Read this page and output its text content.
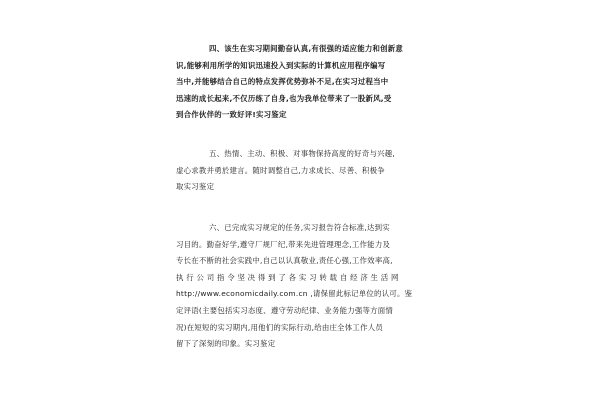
四、该生在实习期间勤奋认真,有很强的适应能力和创新意
识,能够利用所学的知识迅速投入到实际的计算机应用程序编写
当中,并能够结合自己的特点发挥优势弥补不足,在实习过程当中
迅速的成长起来,不仅历练了自身,也为我单位带来了一股新风,受
到合作伙伴的一致好评!实习鉴定
五、热情、主动、积极、对事物保持高度的好奇与兴趣,
虚心求教并勇於建言。随时调整自己,力求成长、尽善、积极争
取实习鉴定
六、已完成实习规定的任务,实习报告符合标准,达到实
习目的。勤奋好学,遵守厂规厂纪,带来先进管理理念,工作能力及
专长在不断的社会实践中,自己以认真敬业,责任心强,工作效率高,
执 行 公 司 指 令 坚 决 得 到 了 各 实 习 转 载 自 经 济 生 活 网
http://www.economicdaily.com.cn ,请保留此标记单位的认可。鉴
定评语(主要包括实习态度、遵守劳动纪律、业务能力强等方面情
况)在短短的实习期内,用他们的实际行动,给由庄全体工作人员
留下了深刻的印象。实习鉴定
